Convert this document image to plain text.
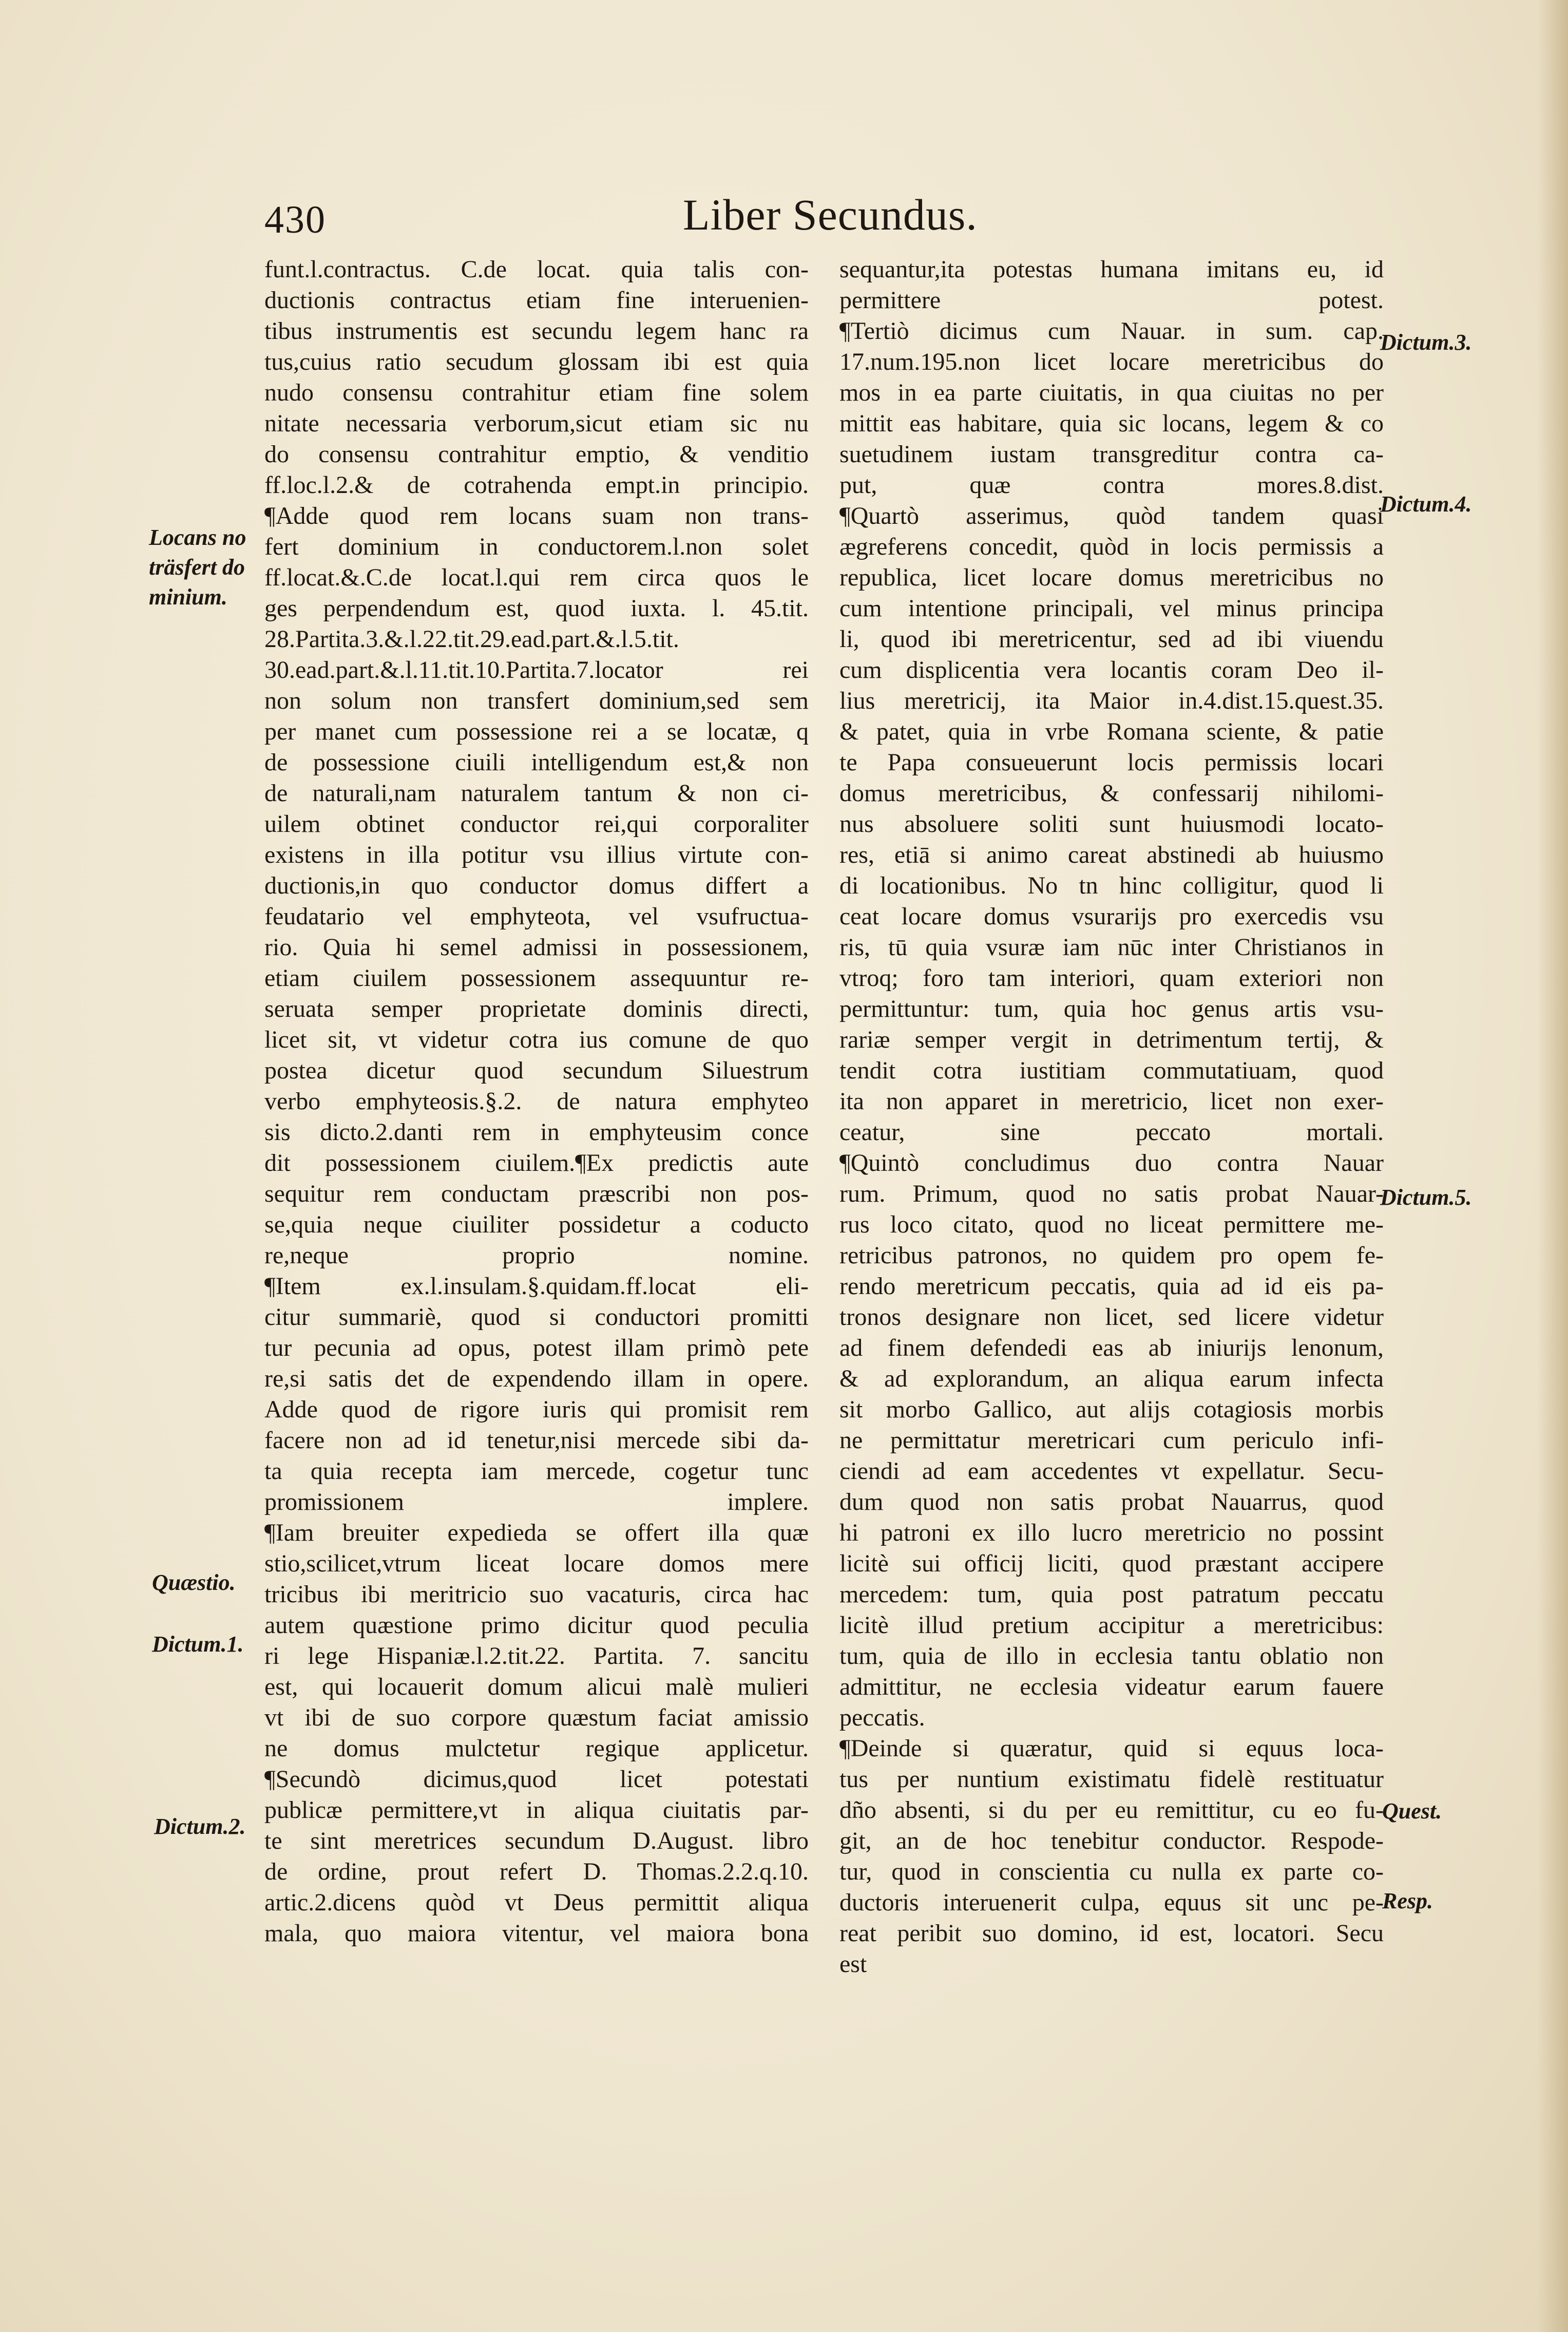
430	Liber Secundus.
funt.l.contractus. C.de locat. quia talis con-
ductionis contractus etiam fine interuenien-
tibus instrumentis est secundu legem hanc ra
tus,cuius ratio secudum glossam ibi est quia
nudo consensu contrahitur etiam fine solem
nitate necessaria verborum,sicut etiam sic nu
do consensu contrahitur emptio, & venditio
ff.loc.l.2.& de cotrahenda empt.in principio.
¶Adde quod rem locans suam non trans-
fert dominium in conductorem.l.non solet
ff.locat.&.C.de locat.l.qui rem circa quos le
ges perpendendum est, quod iuxta. l. 45.tit.
28.Partita.3.&.l.22.tit.29.ead.part.&.l.5.tit.
30.ead.part.&.l.11.tit.10.Partita.7.locator rei
non solum non transfert dominium,sed sem
per manet cum possessione rei a se locatæ, q
de possessione ciuili intelligendum est,& non
de naturali,nam naturalem tantum & non ci-
uilem obtinet conductor rei,qui corporaliter
existens in illa potitur vsu illius virtute con-
ductionis,in quo conductor domus differt a
feudatario vel emphyteota, vel vsufructua-
rio. Quia hi semel admissi in possessionem,
etiam ciuilem possessionem assequuntur re-
seruata semper proprietate dominis directi,
licet sit, vt videtur cotra ius comune de quo
postea dicetur quod secundum Siluestrum
verbo emphyteosis.§.2. de natura emphyteo
sis dicto.2.danti rem in emphyteusim conce
dit possessionem ciuilem.¶Ex predictis aute
sequitur rem conductam præscribi non pos-
se,quia neque ciuiliter possidetur a coducto
re,neque proprio nomine.
¶Item ex.l.insulam.§.quidam.ff.locat eli-
citur summariè, quod si conductori promitti
tur pecunia ad opus, potest illam primò pete
re,si satis det de expendendo illam in opere.
Adde quod de rigore iuris qui promisit rem
facere non ad id tenetur,nisi mercede sibi da-
ta quia recepta iam mercede, cogetur tunc
promissionem implere.
¶Iam breuiter expedieda se offert illa quæ
stio,scilicet,vtrum liceat locare domos mere
tricibus ibi meritricio suo vacaturis, circa hac
autem quæstione primo dicitur quod peculia
ri lege Hispaniæ.l.2.tit.22. Partita. 7. sancitu
est, qui locauerit domum alicui malè mulieri
vt ibi de suo corpore quæstum faciat amissio
ne domus mulctetur regique applicetur.
¶Secundò dicimus,quod licet potestati
publicæ permittere,vt in aliqua ciuitatis par-
te sint meretrices secundum D.August. libro
de ordine, prout refert D. Thomas.2.2.q.10.
artic.2.dicens quòd vt Deus permittit aliqua
mala, quo maiora vitentur, vel maiora bona
sequantur,ita potestas humana imitans eu, id
permittere potest.
¶Tertiò dicimus cum Nauar. in sum. cap.
17.num.195.non licet locare meretricibus do
mos in ea parte ciuitatis, in qua ciuitas no per
mittit eas habitare, quia sic locans, legem & co
suetudinem iustam transgreditur contra ca-
put, quæ contra mores.8.dist.
¶Quartò asserimus, quòd tandem quasi
ægreferens concedit, quòd in locis permissis a
republica, licet locare domus meretricibus no
cum intentione principali, vel minus principa
li, quod ibi meretricentur, sed ad ibi viuendu
cum displicentia vera locantis coram Deo il-
lius meretricij, ita Maior in.4.dist.15.quest.35.
& patet, quia in vrbe Romana sciente, & patie
te Papa consueuerunt locis permissis locari
domus meretricibus, & confessarij nihilomi-
nus absoluere soliti sunt huiusmodi locato-
res, etiā si animo careat abstinedi ab huiusmo
di locationibus. No tn hinc colligitur, quod li
ceat locare domus vsurarijs pro exercedis vsu
ris, tū quia vsuræ iam nūc inter Christianos in
vtroq; foro tam interiori, quam exteriori non
permittuntur: tum, quia hoc genus artis vsu-
rariæ semper vergit in detrimentum tertij, &
tendit cotra iustitiam commutatiuam, quod
ita non apparet in meretricio, licet non exer-
ceatur, sine peccato mortali.
¶Quintò concludimus duo contra Nauar
rum. Primum, quod no satis probat Nauar-
rus loco citato, quod no liceat permittere me-
retricibus patronos, no quidem pro opem fe-
rendo meretricum peccatis, quia ad id eis pa-
tronos designare non licet, sed licere videtur
ad finem defendedi eas ab iniurijs lenonum,
& ad explorandum, an aliqua earum infecta
sit morbo Gallico, aut alijs cotagiosis morbis
ne permittatur meretricari cum periculo infi-
ciendi ad eam accedentes vt expellatur. Secu-
dum quod non satis probat Nauarrus, quod
hi patroni ex illo lucro meretricio no possint
licitè sui officij liciti, quod præstant accipere
mercedem: tum, quia post patratum peccatu
licitè illud pretium accipitur a meretricibus:
tum, quia de illo in ecclesia tantu oblatio non
admittitur, ne ecclesia videatur earum fauere
peccatis.
¶Deinde si quæratur, quid si equus loca-
tus per nuntium existimatu fidelè restituatur
dño absenti, si du per eu remittitur, cu eo fu-
git, an de hoc tenebitur conductor. Respode-
tur, quod in conscientia cu nulla ex parte co-
ductoris interuenerit culpa, equus sit unc pe-
reat peribit suo domino, id est, locatori. Secu
est
Locans no
träsfert do
minium.
Quæstio.
Dictum.1.
Dictum.2.
Dictum.3.
Dictum.4.
Dictum.5.
Quest.
Resp.
